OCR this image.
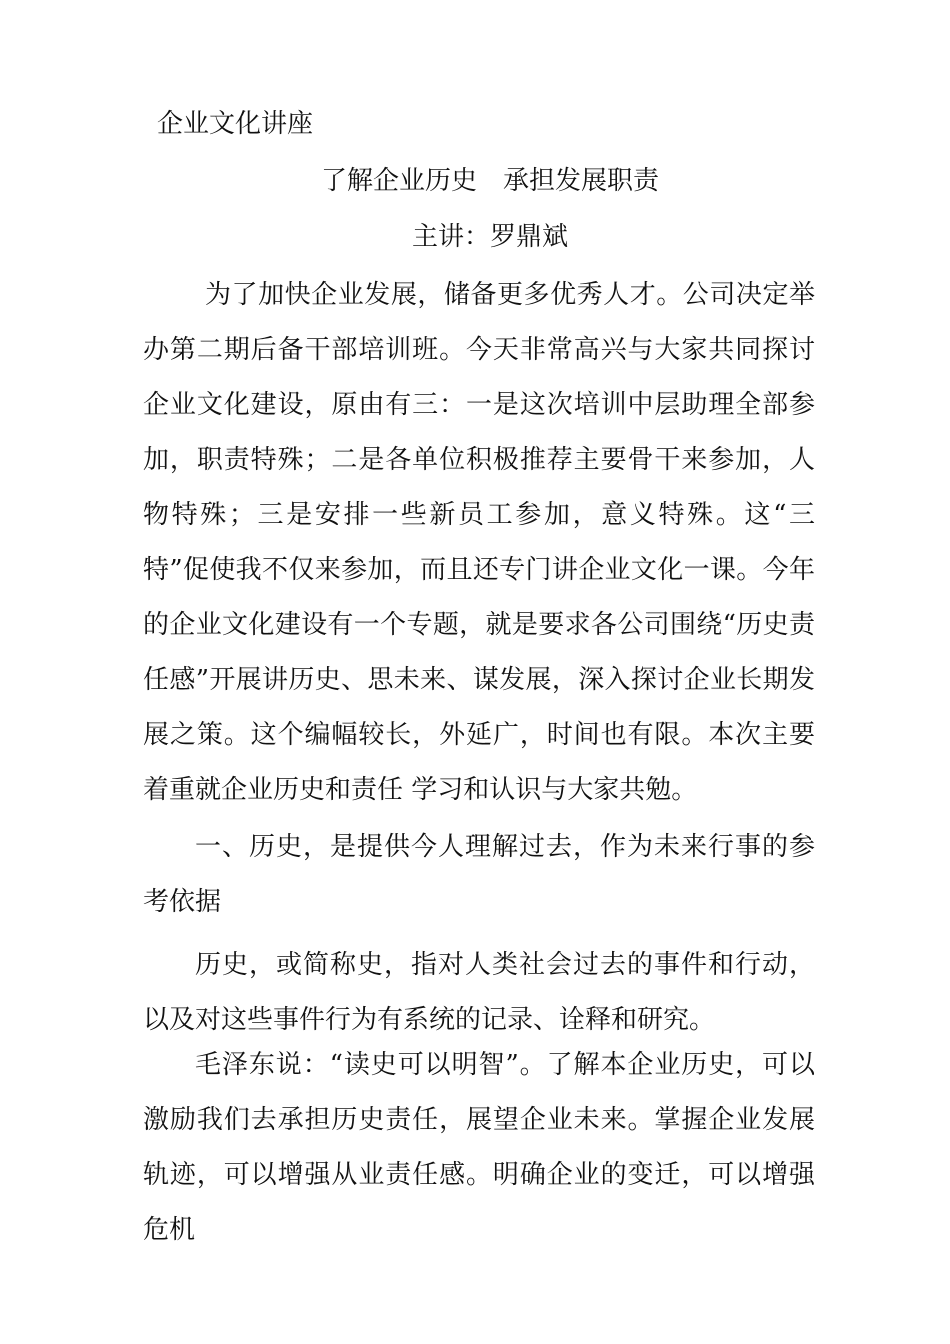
企业文化讲座
了解企业历史　承担发展职责
主讲：罗鼎斌
为了加快企业发展，储备更多优秀人才。公司决定举办第二期后备干部培训班。今天非常高兴与大家共同探讨企业文化建设，原由有三：一是这次培训中层助理全部参加，职责特殊；二是各单位积极推荐主要骨干来参加，人物特殊；三是安排一些新员工参加，意义特殊。这“三特”促使我不仅来参加，而且还专门讲企业文化一课。今年的企业文化建设有一个专题，就是要求各公司围绕“历史责任感”开展讲历史、思未来、谋发展，深入探讨企业长期发展之策。这个编幅较长，外延广，时间也有限。本次主要着重就企业历史和责任 学习和认识与大家共勉。
一、历史，是提供今人理解过去，作为未来行事的参考依据
历史，或简称史，指对人类社会过去的事件和行动，以及对这些事件行为有系统的记录、诠释和研究。
毛泽东说：“读史可以明智”。了解本企业历史，可以激励我们去承担历史责任，展望企业未来。掌握企业发展轨迹，可以增强从业责任感。明确企业的变迁，可以增强危机
